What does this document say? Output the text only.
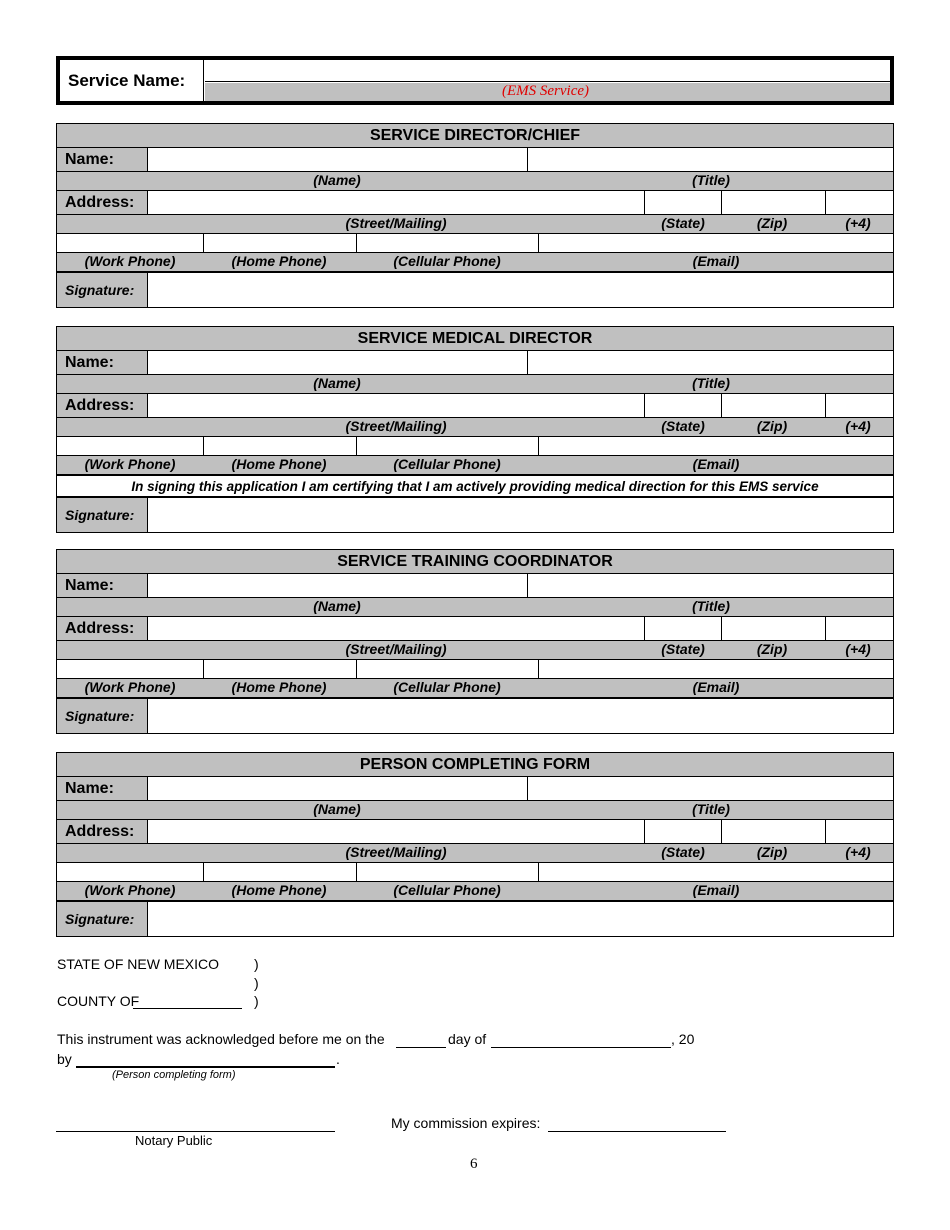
Service Name:
(EMS Service)
SERVICE DIRECTOR/CHIEF
Name:
(Name)	(Title)
Address:
(Street/Mailing)	(State)	(Zip)	(+4)
(Work Phone)	(Home Phone)	(Cellular Phone)	(Email)
Signature:
SERVICE MEDICAL DIRECTOR
Name:
(Name)	(Title)
Address:
(Street/Mailing)	(State)	(Zip)	(+4)
(Work Phone)	(Home Phone)	(Cellular Phone)	(Email)
In signing this application I am certifying that I am actively providing medical direction for this EMS service
Signature:
SERVICE TRAINING COORDINATOR
Name:
(Name)	(Title)
Address:
(Street/Mailing)	(State)	(Zip)	(+4)
(Work Phone)	(Home Phone)	(Cellular Phone)	(Email)
Signature:
PERSON COMPLETING FORM
Name:
(Name)	(Title)
Address:
(Street/Mailing)	(State)	(Zip)	(+4)
(Work Phone)	(Home Phone)	(Cellular Phone)	(Email)
Signature:
STATE OF NEW MEXICO )
)
COUNTY OF	)
This instrument was acknowledged before me on the	day of	, 20
by	.
(Person completing form)
Notary Public
My commission expires:
6
